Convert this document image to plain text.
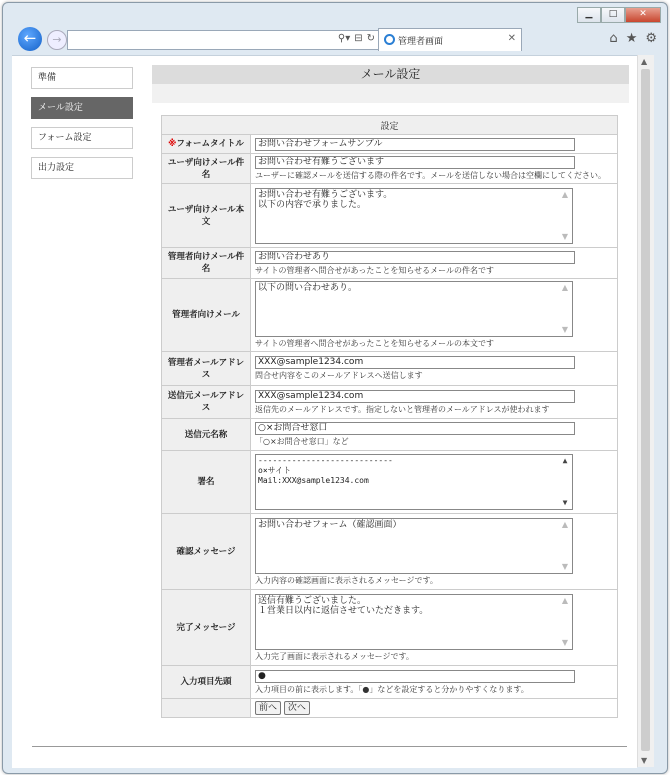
▁	□	✕
←	→	⚲▾ ⊟ ↻	管理者画面	✕	⌂ ★ ⚙
準備
メール設定
フォーム設定
出力設定
メール設定
設定	
※フォームタイトル	お問い合わせフォームサンプル

ユーザ向けメール件名	お問い合わせ有難うございます
ユーザーに確認メールを送信する際の件名です。メールを送信しない場合は空欄にしてください。

ユーザ向けメール本文	お問い合わせ有難うございます。
以下の内容で承りました。
▲
▼

管理者向けメール件名	お問い合わせあり
サイトの管理者へ問合せがあったことを知らせるメールの件名です

管理者向けメール	以下の問い合わせあり。 ▲
▼
サイトの管理者へ問合せがあったことを知らせるメールの本文です

管理者メールアドレス	XXX@sample1234.com
問合せ内容をこのメールアドレスへ送信します

送信元メールアドレス	XXX@sample1234.com
返信先のメールアドレスです。指定しないと管理者のメールアドレスが使われます

送信元名称	○×お問合せ窓口
「○×お問合せ窓口」など

署名	----------------------------
o×サイト
Mail:XXX@sample1234.com
▲
▼

確認メッセージ	お問い合わせフォーム（確認画面） ▲
▼
入力内容の確認画面に表示されるメッセージです。

完了メッセージ	送信有難うございました。
１営業日以内に返信させていただきます。
▲
▼
入力完了画面に表示されるメッセージです。

入力項目先頭	●
入力項目の前に表示します。「●」などを設定すると分かりやすくなります。

	前へ 次へ
▲
▼
